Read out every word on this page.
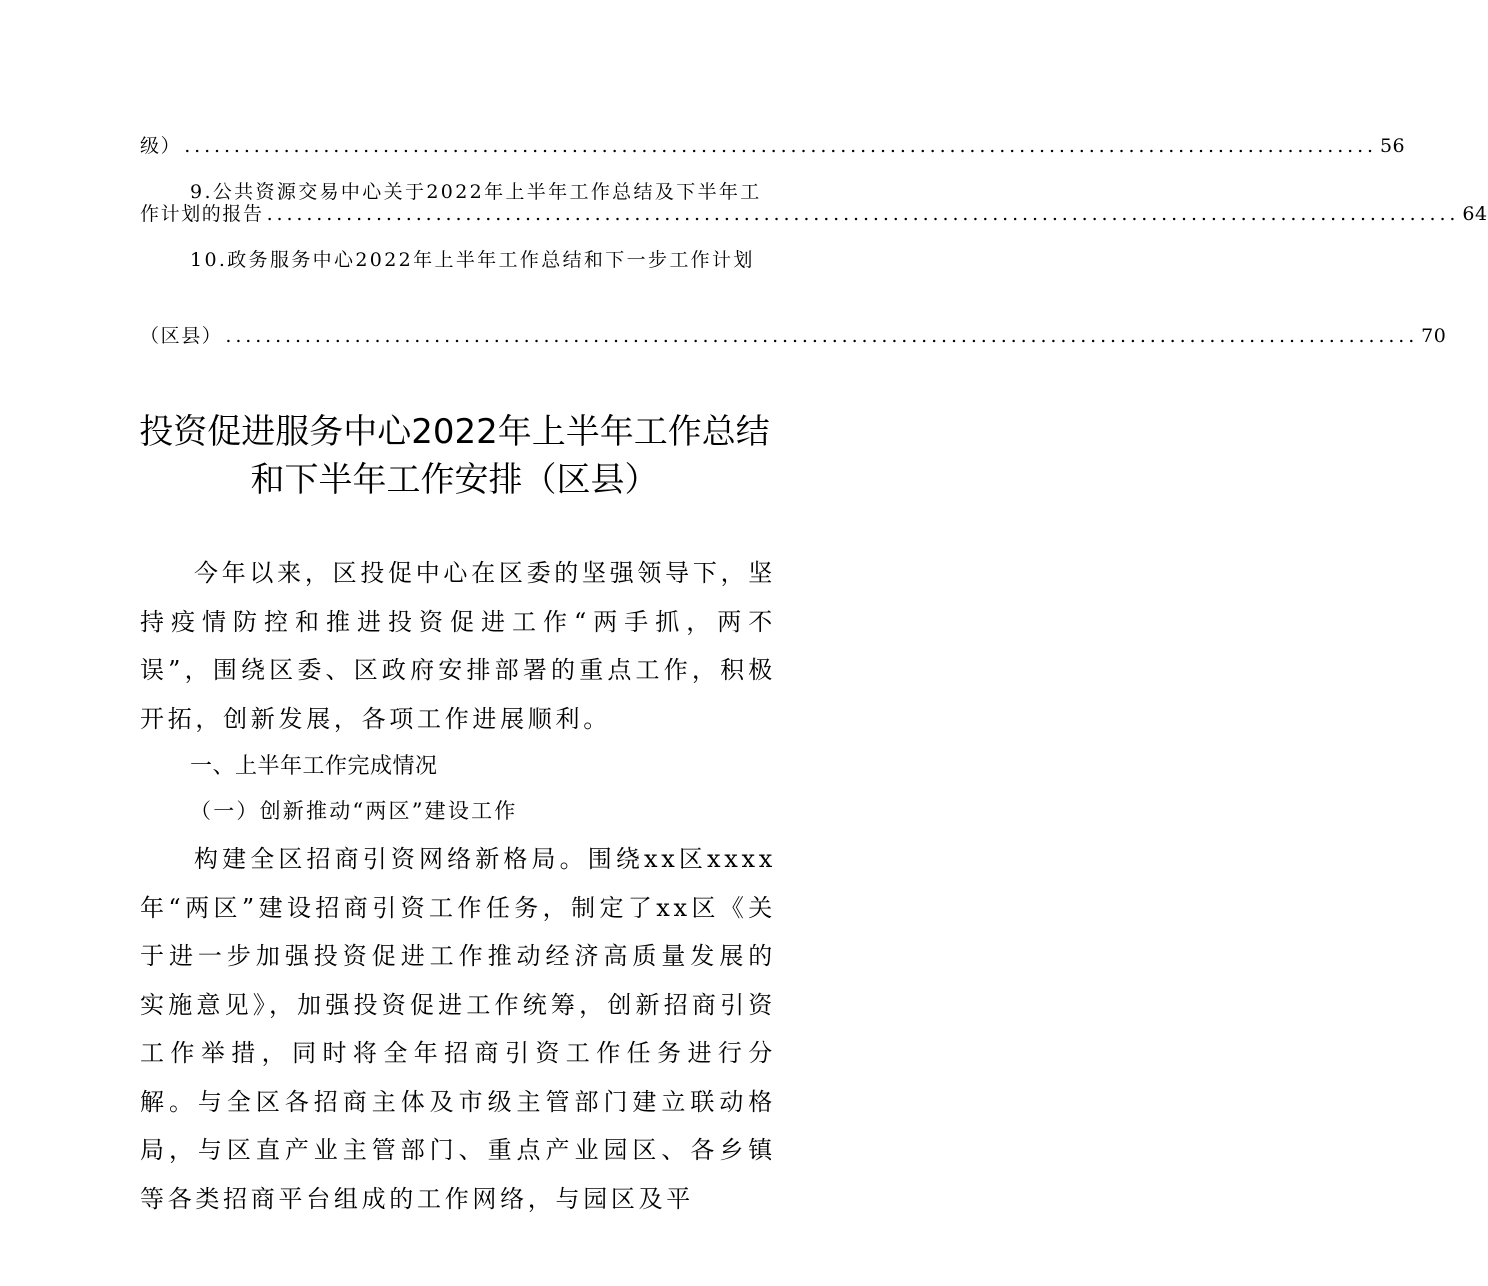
级） ........................................................................................................................ 56
9.公共资源交易中心关于2022年上半年工作总结及下半年工
作计划的报告 ........................................................................................................................ 64
10.政务服务中心2022年上半年工作总结和下一步工作计划
（区县） ........................................................................................................................ 70
投资促进服务中心2022年上半年工作总结
和下半年工作安排（区县）
今年以来，区投促中心在区委的坚强领导下，坚持疫情防控和推进投资促进工作“两手抓，两不误”，围绕区委、区政府安排部署的重点工作，积极开拓，创新发展，各项工作进展顺利。
一、上半年工作完成情况
（一）创新推动“两区”建设工作
构建全区招商引资网络新格局。围绕xx区xxxx年“两区”建设招商引资工作任务，制定了xx区《关于进一步加强投资促进工作推动经济高质量发展的实施意见》，加强投资促进工作统筹，创新招商引资工作举措，同时将全年招商引资工作任务进行分解。与全区各招商主体及市级主管部门建立联动格局，与区直产业主管部门、重点产业园区、各乡镇等各类招商平台组成的工作网络，与园区及平
